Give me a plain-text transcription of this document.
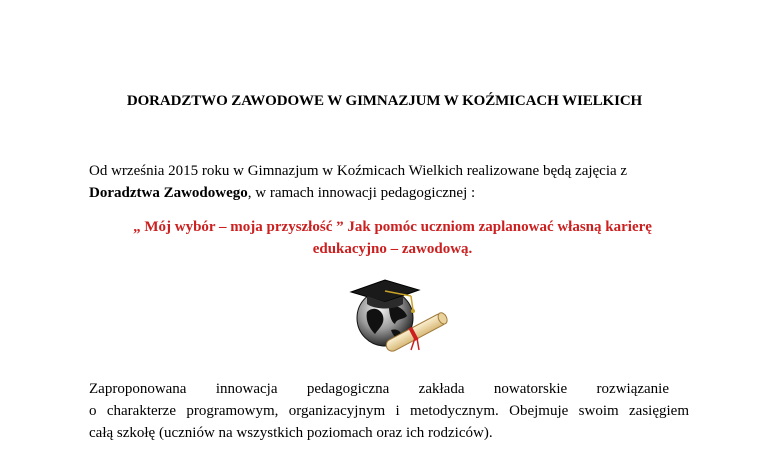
DORADZTWO ZAWODOWE W GIMNAZJUM W KOŹMICACH WIELKICH
Od września 2015 roku w Gimnazjum w Koźmicach Wielkich realizowane będą zajęcia z
Doradztwa Zawodowego, w ramach innowacji pedagogicznej :
„ Mój wybór – moja przyszłość ” Jak pomóc uczniom zaplanować własną karierę
edukacyjno – zawodową.
Zaproponowana innowacja pedagogiczna zakłada nowatorskie rozwiązanie
o charakterze programowym, organizacyjnym i metodycznym. Obejmuje swoim zasięgiem
całą szkołę (uczniów na wszystkich poziomach oraz ich rodziców).
